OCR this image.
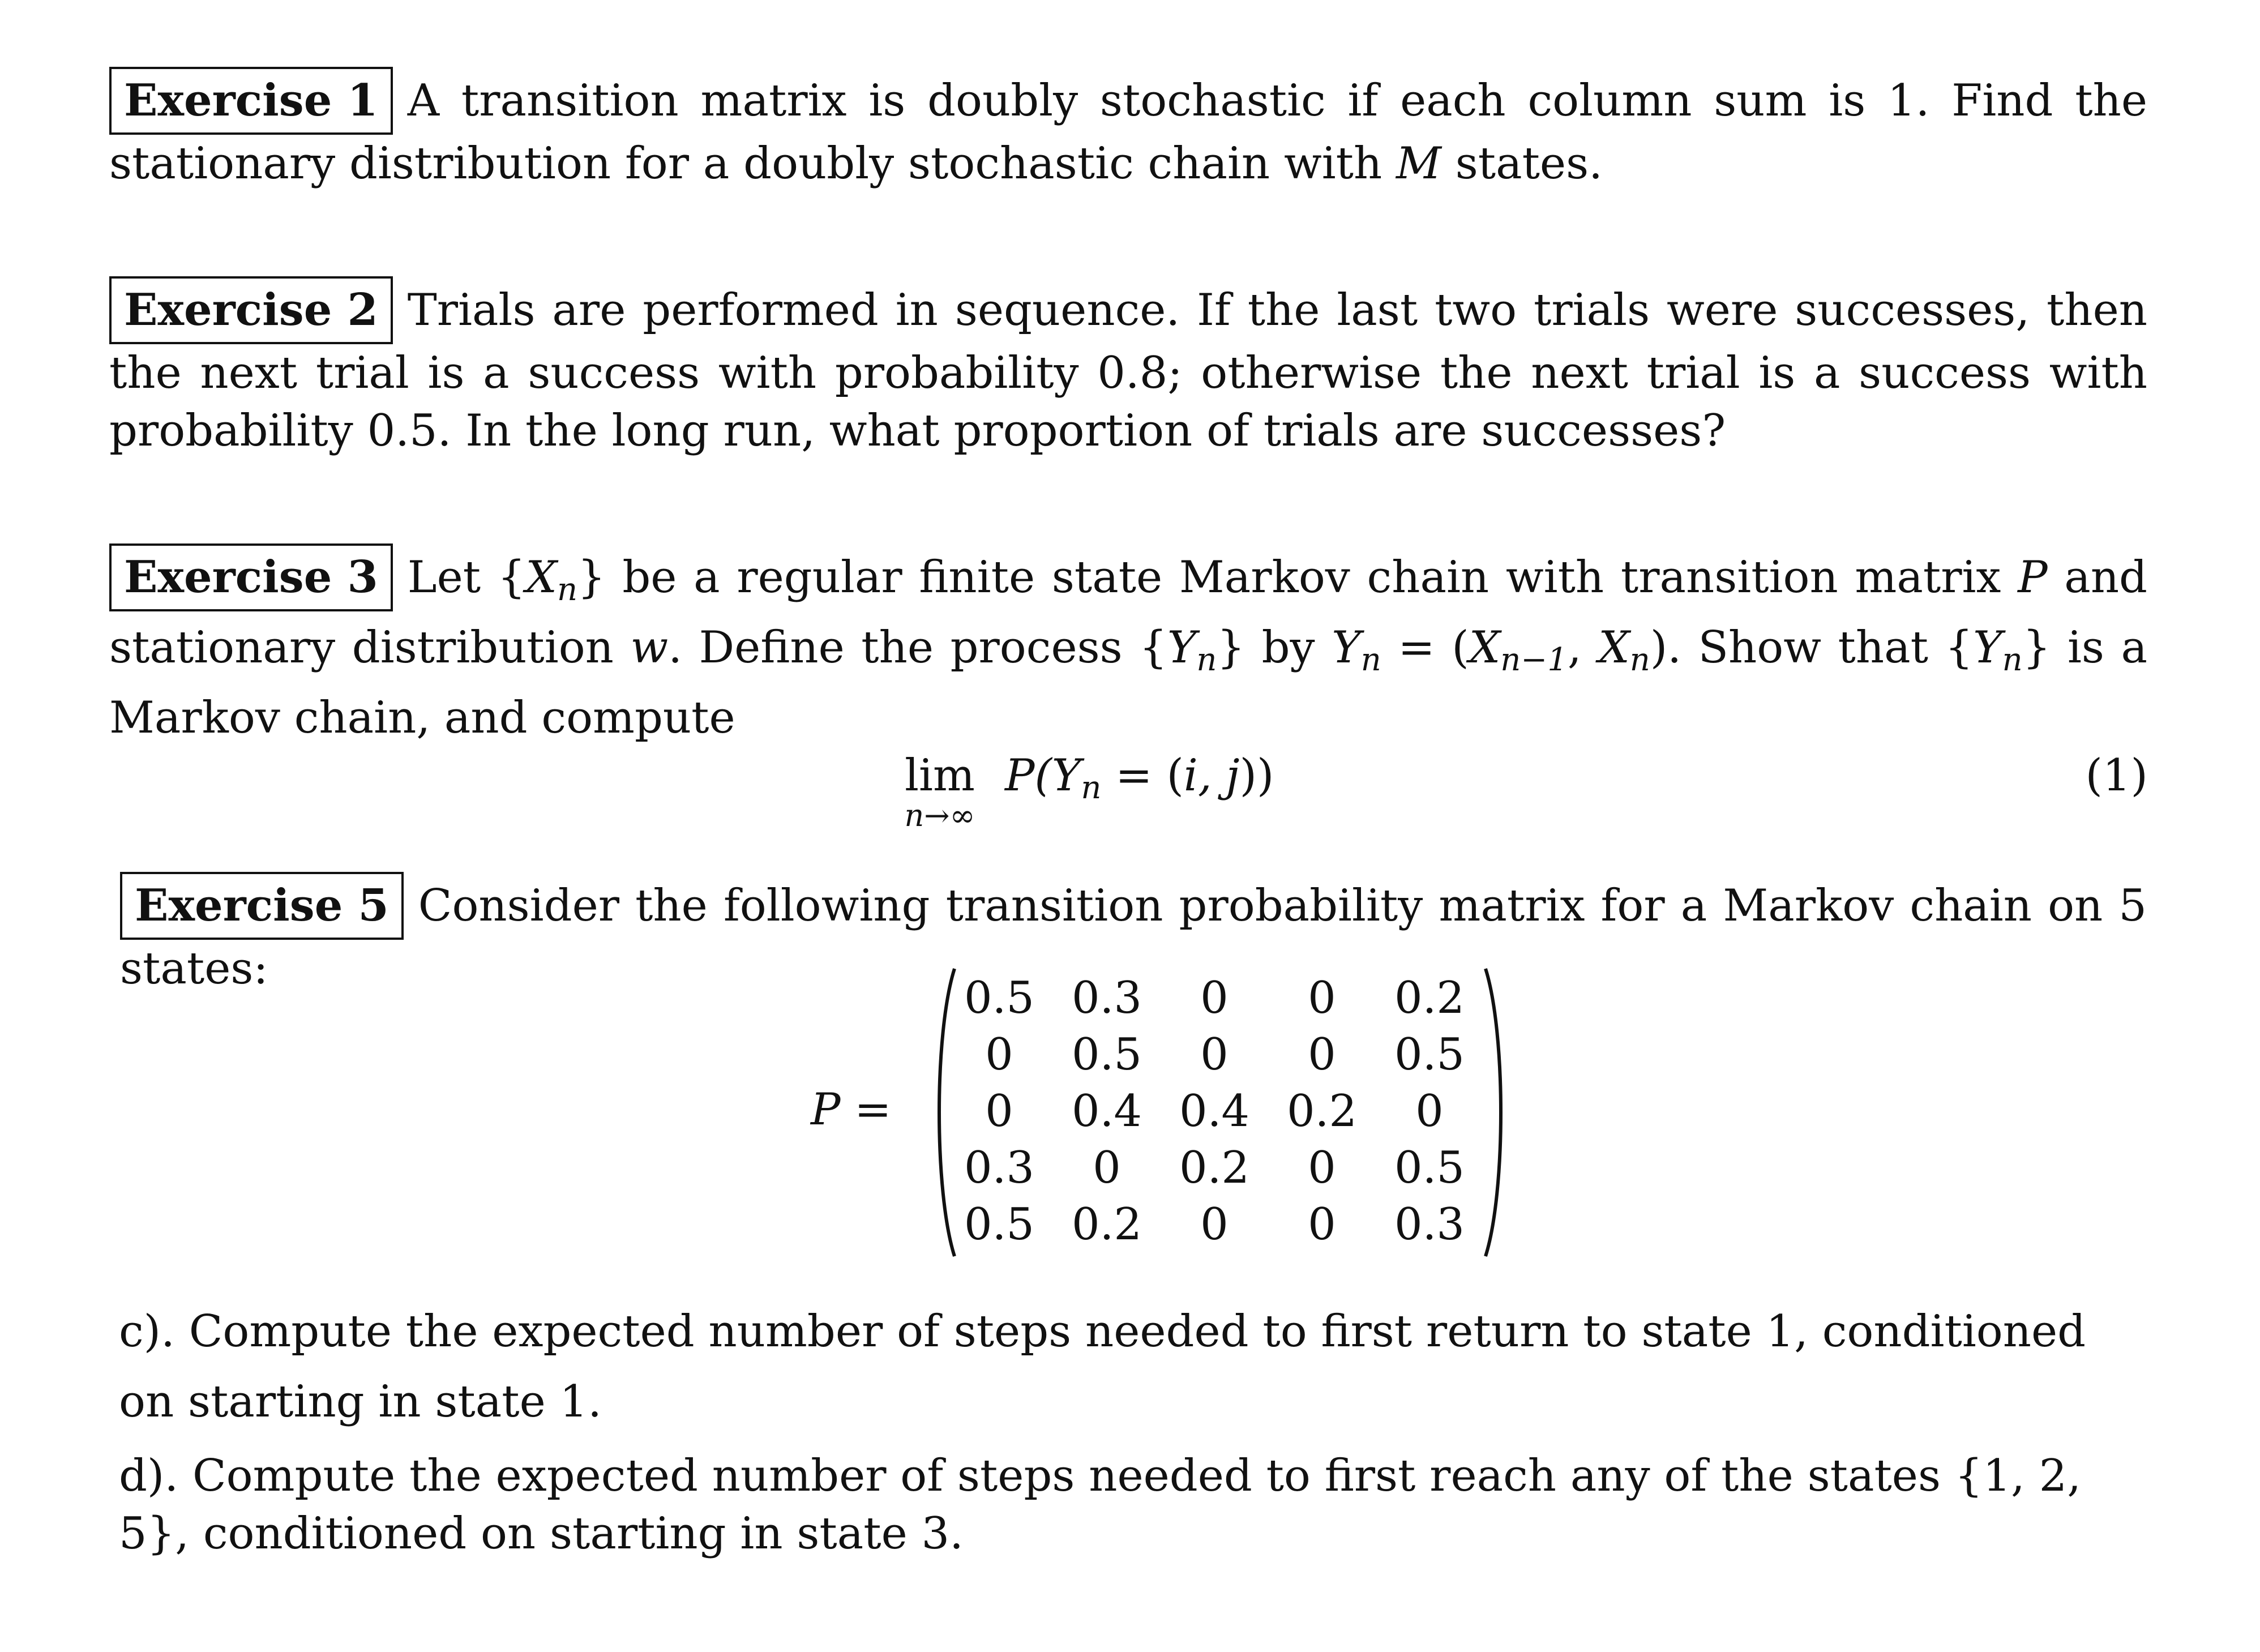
Exercise 1 A transition matrix is doubly stochastic if each column sum is 1. Find the stationary distribution for a doubly stochastic chain with M states.

Exercise 2 Trials are performed in sequence. If the last two trials were successes, then the next trial is a success with probability 0.8; otherwise the next trial is a success with probability 0.5. In the long run, what proportion of trials are successes?

Exercise 3 Let $\{X_n\}$ be a regular finite state Markov chain with transition matrix P and stationary distribution w. Define the process $\{Y_n\}$ by $Y_n = (X_{n-1}$, $X_n$). Show that $\{Y_n\}$ is a Markov chain, and compute

lim
n→∞
$P(Y_n = (i$, j))	(1)

Exercise 5 Consider the following transition probability matrix for a Markov chain on 5 states:

P =
0.5 0.3	0	0	0.2
0	0.5	0	0	0.5
0	0.4 0.4 0.2	0
0.3	0	0.2	0	0.5
0.5 0.2	0	0	0.3

c). Compute the expected number of steps needed to first return to state 1, conditioned on starting in state 1.

d). Compute the expected number of steps needed to first reach any of the states {1, 2, 5}, conditioned on starting in state 3.
